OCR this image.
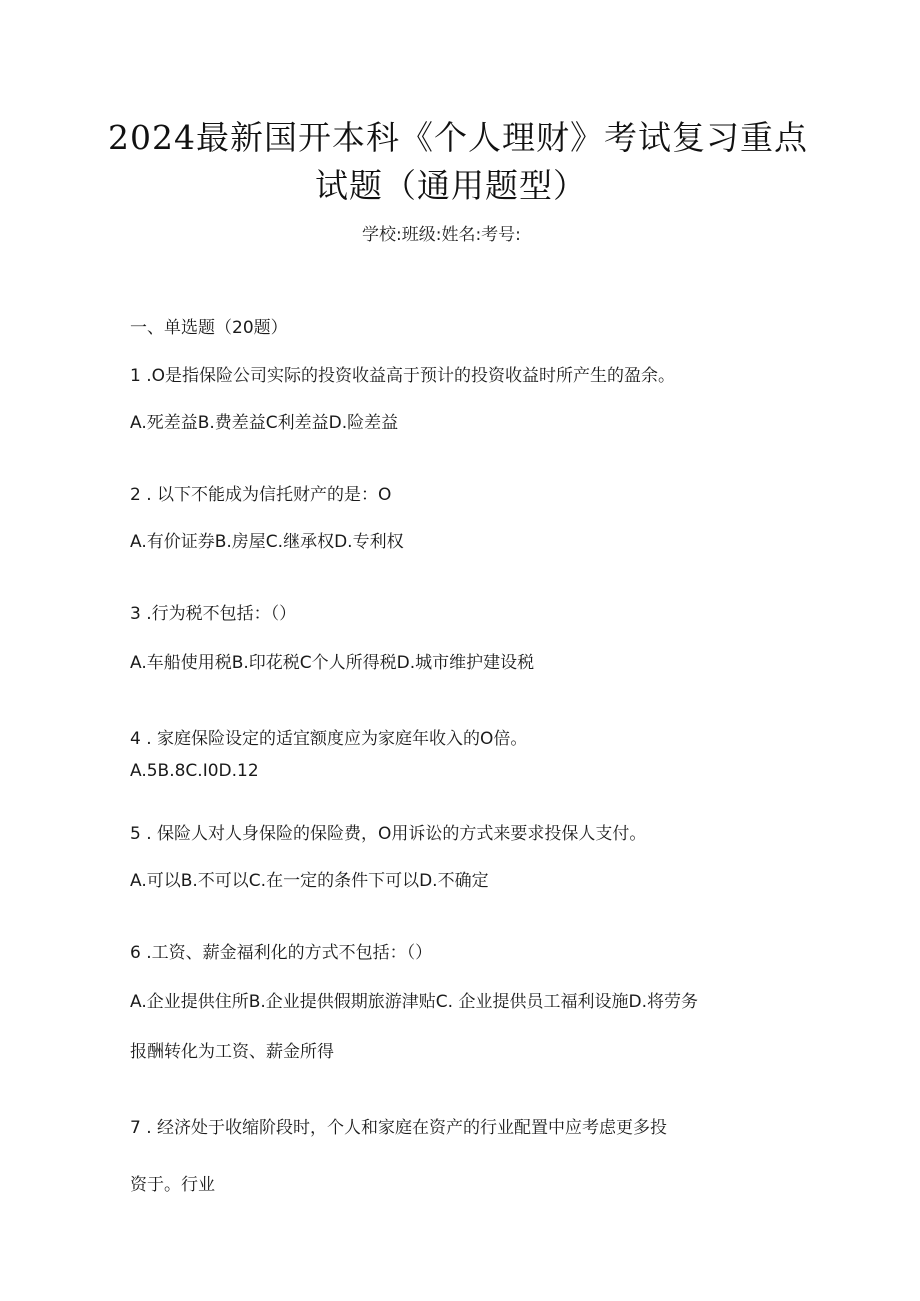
2024最新国开本科《个人理财》考试复习重点
试题（通用题型）
学校:班级:姓名:考号:
一、单选题（20题）
1 .O是指保险公司实际的投资收益高于预计的投资收益时所产生的盈余。
A.死差益B.费差益C利差益D.险差益
2 . 以下不能成为信托财产的是：O
A.有价证券B.房屋C.继承权D.专利权
3 .行为税不包括：（）
A.车船使用税B.印花税C个人所得税D.城市维护建设税
4 . 家庭保险设定的适宜额度应为家庭年收入的O倍。
A.5B.8C.I0D.12
5 . 保险人对人身保险的保险费，O用诉讼的方式来要求投保人支付。
A.可以B.不可以C.在一定的条件下可以D.不确定
6 .工资、薪金福利化的方式不包括：（）
A.企业提供住所B.企业提供假期旅游津贴C. 企业提供员工福利设施D.将劳务
报酬转化为工资、薪金所得
7 . 经济处于收缩阶段时，个人和家庭在资产的行业配置中应考虑更多投
资于。行业
